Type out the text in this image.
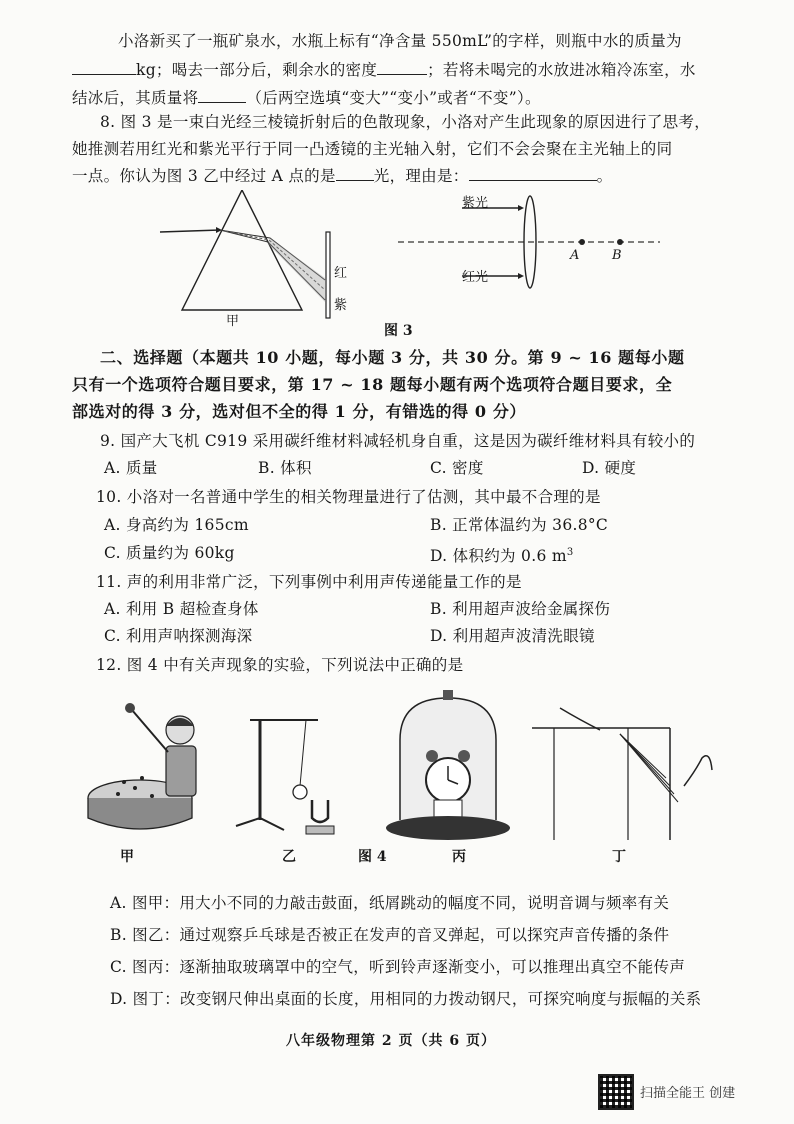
小洛新买了一瓶矿泉水，水瓶上标有“净含量 550mL”的字样，则瓶中水的质量为
kg；喝去一部分后，剩余水的密度	；若将未喝完的水放进冰箱冷冻室，水
结冰后，其质量将	（后两空选填“变大”“变小”或者“不变”）。
8. 图 3 是一束白光经三棱镜折射后的色散现象，小洛对产生此现象的原因进行了思考，
她推测若用红光和紫光平行于同一凸透镜的主光轴入射，它们不会会聚在主光轴上的同
一点。你认为图 3 乙中经过 A 点的是 光，理由是：	。
甲
红
紫
紫光
红光
A	B
图 3
二、选择题（本题共 10 小题，每小题 3 分，共 30 分。第 9 ~ 16 题每小题
只有一个选项符合题目要求，第 17 ~ 18 题每小题有两个选项符合题目要求，全
部选对的得 3 分，选对但不全的得 1 分，有错选的得 0 分）
9. 国产大飞机 C919 采用碳纤维材料减轻机身自重，这是因为碳纤维材料具有较小的
A. 质量	B. 体积	C. 密度	D. 硬度
10. 小洛对一名普通中学生的相关物理量进行了估测，其中最不合理的是
A. 身高约为 165cm	B. 正常体温约为 36.8°C
C. 质量约为 60kg	D. 体积约为 0.6 $m^3$
11. 声的利用非常广泛，下列事例中利用声传递能量工作的是
A. 利用 B 超检查身体	B. 利用超声波给金属探伤
C. 利用声呐探测海深	D. 利用超声波清洗眼镜
12. 图 4 中有关声现象的实验，下列说法中正确的是
甲	乙	图 4	丙	丁
A. 图甲：用大小不同的力敲击鼓面，纸屑跳动的幅度不同，说明音调与频率有关
B. 图乙：通过观察乒乓球是否被正在发声的音叉弹起，可以探究声音传播的条件
C. 图丙：逐渐抽取玻璃罩中的空气，听到铃声逐渐变小，可以推理出真空不能传声
D. 图丁：改变钢尺伸出桌面的长度，用相同的力拨动钢尺，可探究响度与振幅的关系
八年级物理第 2 页（共 6 页）
扫描全能王 创建
